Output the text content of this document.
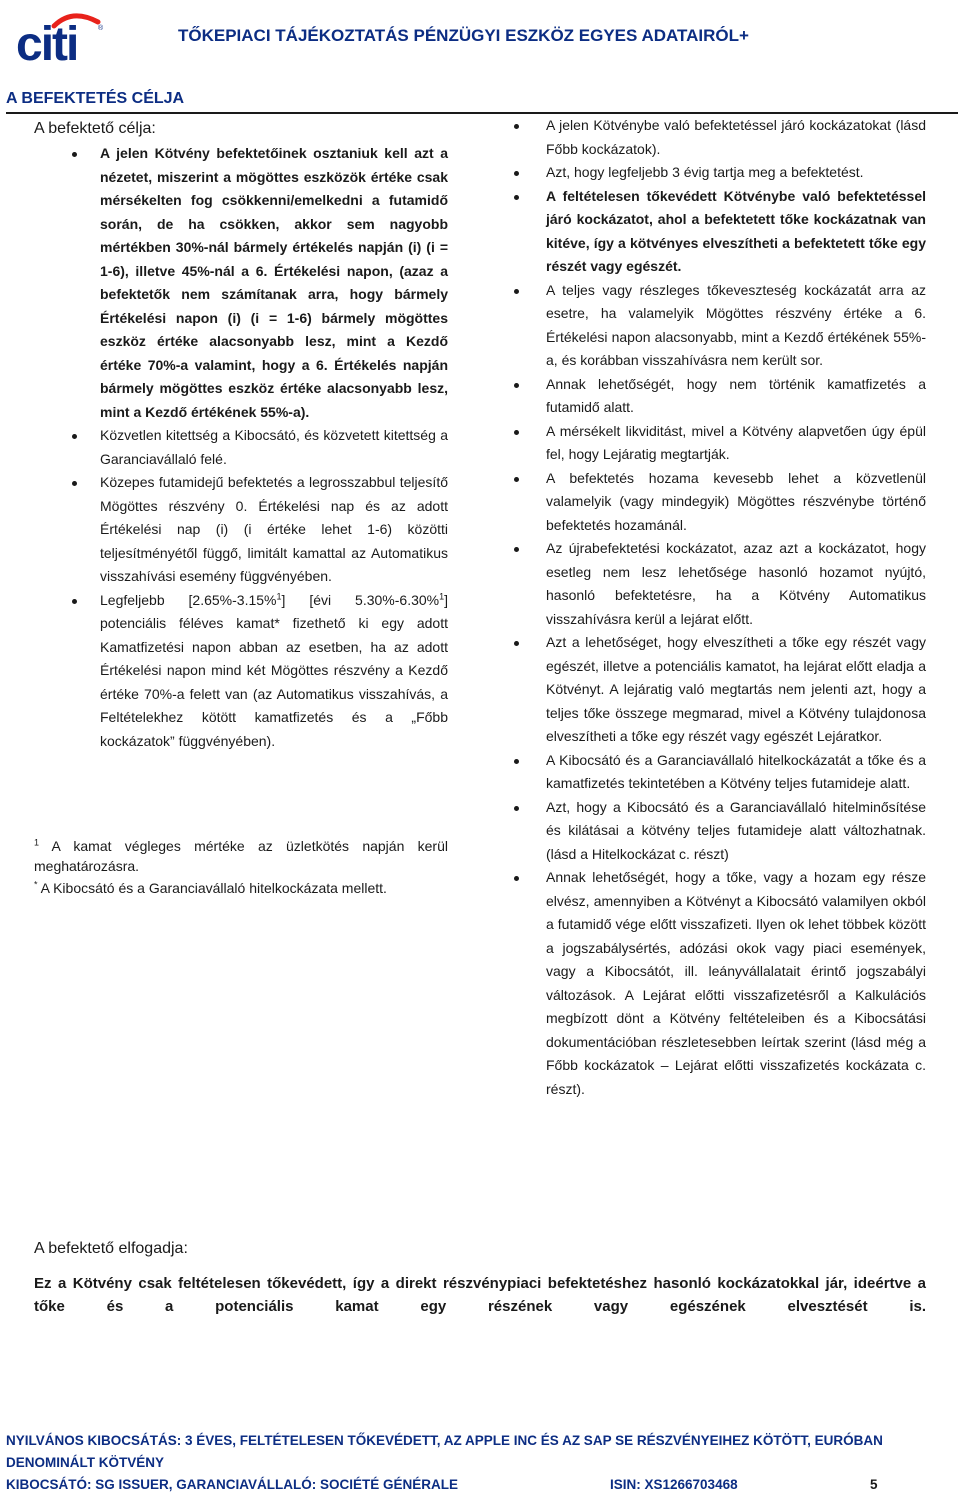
citi	®	TŐKEPIACI TÁJÉKOZTATÁS PÉNZÜGYI ESZKÖZ EGYES ADATAIRÓL+
A BEFEKTETÉS CÉLJA
A befektető célja:
A jelen Kötvény befektetőinek osztaniuk kell azt a nézetet, miszerint a mögöttes eszközök értéke csak mérsékelten fog csökkenni/emelkedni a futamidő során, de ha csökken, akkor sem nagyobb mértékben 30%-nál bármely értékelés napján (i) (i = 1-6), illetve 45%-nál a 6. Értékelési napon, (azaz a befektetők nem számítanak arra, hogy bármely Értékelési napon (i) (i = 1-6) bármely mögöttes eszköz értéke alacsonyabb lesz, mint a Kezdő értéke 70%-a valamint, hogy a 6. Értékelés napján bármely mögöttes eszköz értéke alacsonyabb lesz, mint a Kezdő értékének 55%-a).
Közvetlen kitettség a Kibocsátó, és közvetett kitettség a Garanciavállaló felé.
Közepes futamidejű befektetés a legrosszabbul teljesítő Mögöttes részvény 0. Értékelési nap és az adott Értékelési nap (i) (i értéke lehet 1-6) közötti teljesítményétől függő, limitált kamattal az Automatikus visszahívási esemény függvényében.
Legfeljebb [2.65%-3.15%$^1$] [évi 5.30%-6.30%$^1$] potenciális féléves kamat* fizethető ki egy adott Kamatfizetési napon abban az esetben, ha az adott Értékelési napon mind két Mögöttes részvény a Kezdő értéke 70%-a felett van (az Automatikus visszahívás, a Feltételekhez kötött kamatfizetés és a „Főbb kockázatok” függvényében).

$^1$ A kamat végleges mértéke az üzletkötés napján kerül meghatározásra.

* A Kibocsátó és a Garanciavállaló hitelkockázata mellett.

A jelen Kötvénybe való befektetéssel járó kockázatokat (lásd Főbb kockázatok).
Azt, hogy legfeljebb 3 évig tartja meg a befektetést.
A feltételesen tőkevédett Kötvénybe való befektetéssel járó kockázatot, ahol a befektetett tőke kockázatnak van kitéve, így a kötvényes elveszítheti a befektetett tőke egy részét vagy egészét.
A teljes vagy részleges tőkeveszteség kockázatát arra az esetre, ha valamelyik Mögöttes részvény értéke a 6. Értékelési napon alacsonyabb, mint a Kezdő értékének 55%-a, és korábban visszahívásra nem került sor.
Annak lehetőségét, hogy nem történik kamatfizetés a futamidő alatt.
A mérsékelt likviditást, mivel a Kötvény alapvetően úgy épül fel, hogy Lejáratig megtartják.
A befektetés hozama kevesebb lehet a közvetlenül valamelyik (vagy mindegyik) Mögöttes részvénybe történő befektetés hozamánál.
Az újrabefektetési kockázatot, azaz azt a kockázatot, hogy esetleg nem lesz lehetősége hasonló hozamot nyújtó, hasonló befektetésre, ha a Kötvény Automatikus visszahívásra kerül a lejárat előtt.
Azt a lehetőséget, hogy elveszítheti a tőke egy részét vagy egészét, illetve a potenciális kamatot, ha lejárat előtt eladja a Kötvényt. A lejáratig való megtartás nem jelenti azt, hogy a teljes tőke összege megmarad, mivel a Kötvény tulajdonosa elveszítheti a tőke egy részét vagy egészét Lejáratkor.
A Kibocsátó és a Garanciavállaló hitelkockázatát a tőke és a kamatfizetés tekintetében a Kötvény teljes futamideje alatt.
Azt, hogy a Kibocsátó és a Garanciavállaló hitelminősítése és kilátásai a kötvény teljes futamideje alatt változhatnak. (lásd a Hitelkockázat c. részt)
Annak lehetőségét, hogy a tőke, vagy a hozam egy része elvész, amennyiben a Kötvényt a Kibocsátó valamilyen okból a futamidő vége előtt visszafizeti. Ilyen ok lehet többek között a jogszabálysértés, adózási okok vagy piaci események, vagy a Kibocsátót, ill. leányvállalatait érintő jogszabályi változások. A Lejárat előtti visszafizetésről a Kalkulációs megbízott dönt a Kötvény feltételeiben és a Kibocsátási dokumentációban részletesebben leírtak szerint (lásd még a Főbb kockázatok – Lejárat előtti visszafizetés kockázata c. részt).
A befektető elfogadja:

Ez a Kötvény csak feltételesen tőkevédett, így a direkt részvénypiaci befektetéshez hasonló kockázatokkal jár, ideértve a tőke és a potenciális kamat egy részének vagy egészének elvesztését is.

NYILVÁNOS KIBOCSÁTÁS: 3 ÉVES, FELTÉTELESEN TŐKEVÉDETT, AZ APPLE INC ÉS AZ SAP SE RÉSZVÉNYEIHEZ KÖTÖTT, EURÓBAN
DENOMINÁLT KÖTVÉNY
KIBOCSÁTÓ: SG ISSUER, GARANCIAVÁLLALÓ: SOCIÉTÉ GÉNÉRALE	ISIN: XS1266703468	5
